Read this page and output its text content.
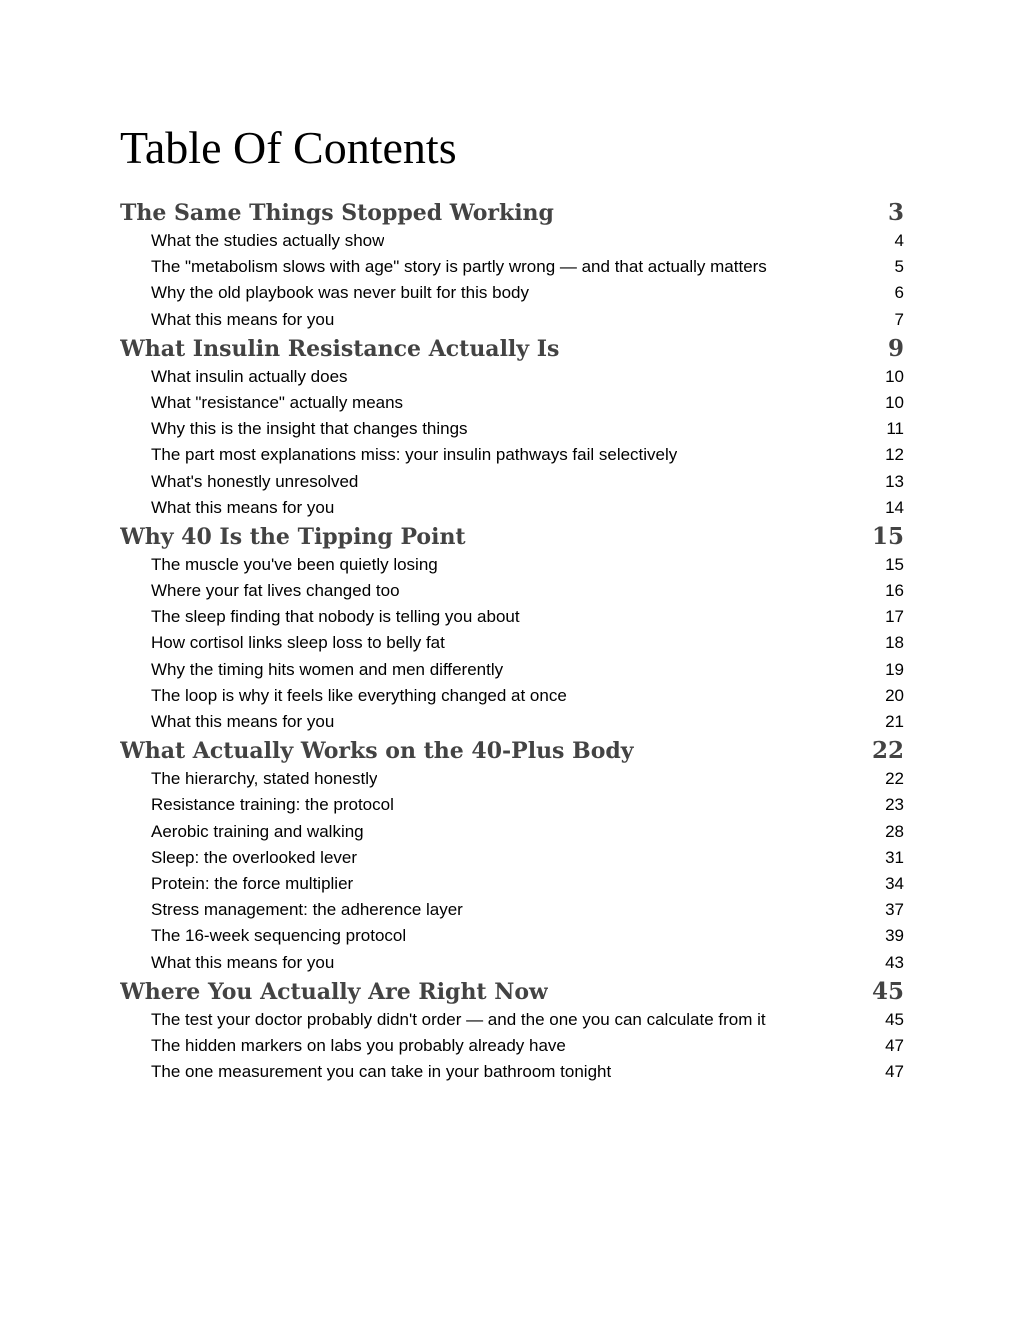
Table Of Contents
The Same Things Stopped Working	3
What the studies actually show	4
The "metabolism slows with age" story is partly wrong — and that actually matters	5
Why the old playbook was never built for this body	6
What this means for you	7
What Insulin Resistance Actually Is	9
What insulin actually does	10
What "resistance" actually means	10
Why this is the insight that changes things	11
The part most explanations miss: your insulin pathways fail selectively	12
What's honestly unresolved	13
What this means for you	14
Why 40 Is the Tipping Point	15
The muscle you've been quietly losing	15
Where your fat lives changed too	16
The sleep finding that nobody is telling you about	17
How cortisol links sleep loss to belly fat	18
Why the timing hits women and men differently	19
The loop is why it feels like everything changed at once	20
What this means for you	21
What Actually Works on the 40-Plus Body	22
The hierarchy, stated honestly	22
Resistance training: the protocol	23
Aerobic training and walking	28
Sleep: the overlooked lever	31
Protein: the force multiplier	34
Stress management: the adherence layer	37
The 16-week sequencing protocol	39
What this means for you	43
Where You Actually Are Right Now	45
The test your doctor probably didn't order — and the one you can calculate from it	45
The hidden markers on labs you probably already have	47
The one measurement you can take in your bathroom tonight	47
